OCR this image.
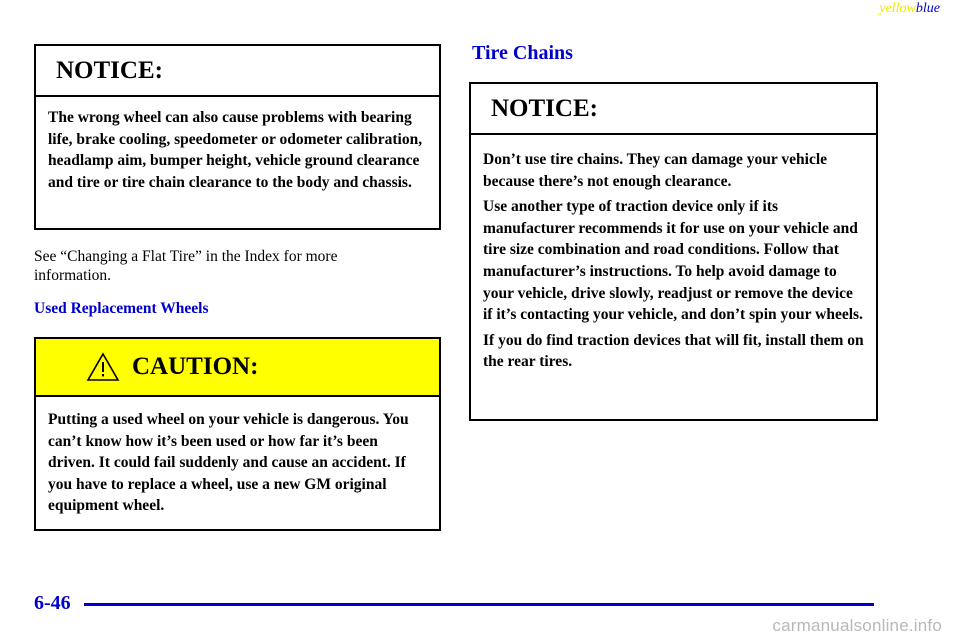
yellowblue
NOTICE:

The wrong wheel can also cause problems with bearing life, brake cooling, speedometer or odometer calibration, headlamp aim, bumper height, vehicle ground clearance and tire or tire chain clearance to the body and chassis.

See “Changing a Flat Tire” in the Index for more information.
Used Replacement Wheels
CAUTION:

Putting a used wheel on your vehicle is dangerous. You can’t know how it’s been used or how far it’s been driven. It could fail suddenly and cause an accident. If you have to replace a wheel, use a new GM original equipment wheel.

Tire Chains
NOTICE:

Don’t use tire chains. They can damage your vehicle because there’s not enough clearance.

Use another type of traction device only if its manufacturer recommends it for use on your vehicle and tire size combination and road conditions. Follow that manufacturer’s instructions. To help avoid damage to your vehicle, drive slowly, readjust or remove the device if it’s contacting your vehicle, and don’t spin your wheels.

If you do find traction devices that will fit, install them on the rear tires.

6-46
carmanualsonline.info
